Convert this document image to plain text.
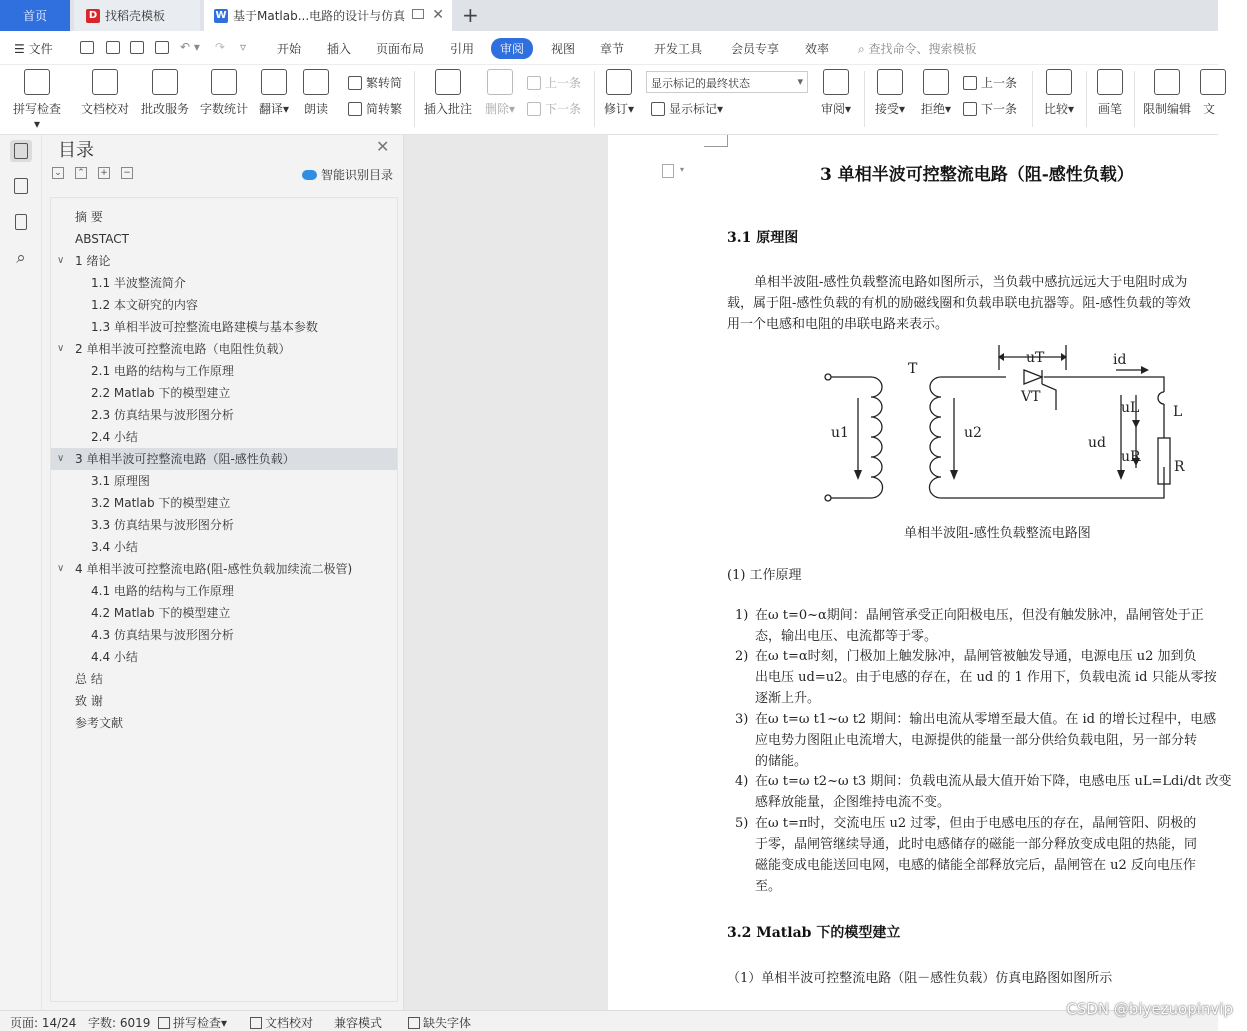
首页	D 找稻壳模板	W 基于Matlab...电路的设计与仿真 ✕ +
☰ 文件	↶ ▾ ↷ ▿	开始 插入 页面布局 引用	审阅	视图 章节 开发工具 会员专享 效率 ⌕ 查找命令、搜索模板
拼写检查▾
文档校对 批改服务 字数统计 翻译▾ 朗读
繁转简
简转繁 插入批注 删除▾
上一条
下一条 修订▾
显示标记的最终状态 ▾
显示标记 ▾	审阅▾	接受▾	拒绝▾
上一条
下一条	比较▾	画笔	限制编辑 文
⌕
目录	✕
⌄ ⌃ + −	智能识别目录
摘 要
ABSTACT
∨ 1 绪论
1.1 半波整流简介
1.2 本文研究的内容
1.3 单相半波可控整流电路建模与基本参数
∨ 2 单相半波可控整流电路（电阻性负载）
2.1 电路的结构与工作原理
2.2 Matlab 下的模型建立
2.3 仿真结果与波形图分析
2.4 小结
∨ 3 单相半波可控整流电路（阻-感性负载）
3.1 原理图
3.2 Matlab 下的模型建立
3.3 仿真结果与波形图分析
3.4 小结
∨ 4 单相半波可控整流电路(阻-感性负载加续流二极管)
4.1 电路的结构与工作原理
4.2 Matlab 下的模型建立
4.3 仿真结果与波形图分析
4.4 小结
总 结
致 谢
参考文献
▾	3 单相半波可控整流电路（阻-感性负载）
3.1 原理图

单相半波阻-感性负载整流电路如图所示，当负载中感抗远远大于电阻时成为

载，属于阻-感性负载的有机的励磁线圈和负载串联电抗器等。阻-感性负载的等效

用一个电感和电阻的串联电路来表示。

T
uT	id
VT
u1	u2
ud
uL
uR
L
R
单相半波阻-感性负载整流电路图
(1) 工作原理
1) 在ω t=0~α期间：晶闸管承受正向阳极电压，但没有触发脉冲，晶闸管处于正
态，输出电压、电流都等于零。
2) 在ω t=α时刻，门极加上触发脉冲，晶闸管被触发导通，电源电压 u2 加到负
出电压 ud=u2。由于电感的存在，在 ud 的 1 作用下，负载电流 id 只能从零按
逐渐上升。
3) 在ω t=ω t1~ω t2 期间：输出电流从零增至最大值。在 id 的增长过程中，电感
应电势力图阻止电流增大，电源提供的能量一部分供给负载电阻，另一部分转
的储能。
4) 在ω t=ω t2~ω t3 期间：负载电流从最大值开始下降，电感电压 uL=Ldi/dt 改变
感释放能量，企图维持电流不变。
5) 在ω t=π时，交流电压 u2 过零，但由于电感电压的存在，晶闸管阳、阴极的
于零，晶闸管继续导通，此时电感储存的磁能一部分释放变成电阻的热能，同
磁能变成电能送回电网，电感的储能全部释放完后，晶闸管在 u2 反向电压作
至。
3.2 Matlab 下的模型建立
（1）单相半波可控整流电路（阻－感性负载）仿真电路图如图所示
页面: 14/24 字数: 6019 拼写检查 ▾	文档校对 兼容模式	缺失字体
CSDN @biyezuopinvip
